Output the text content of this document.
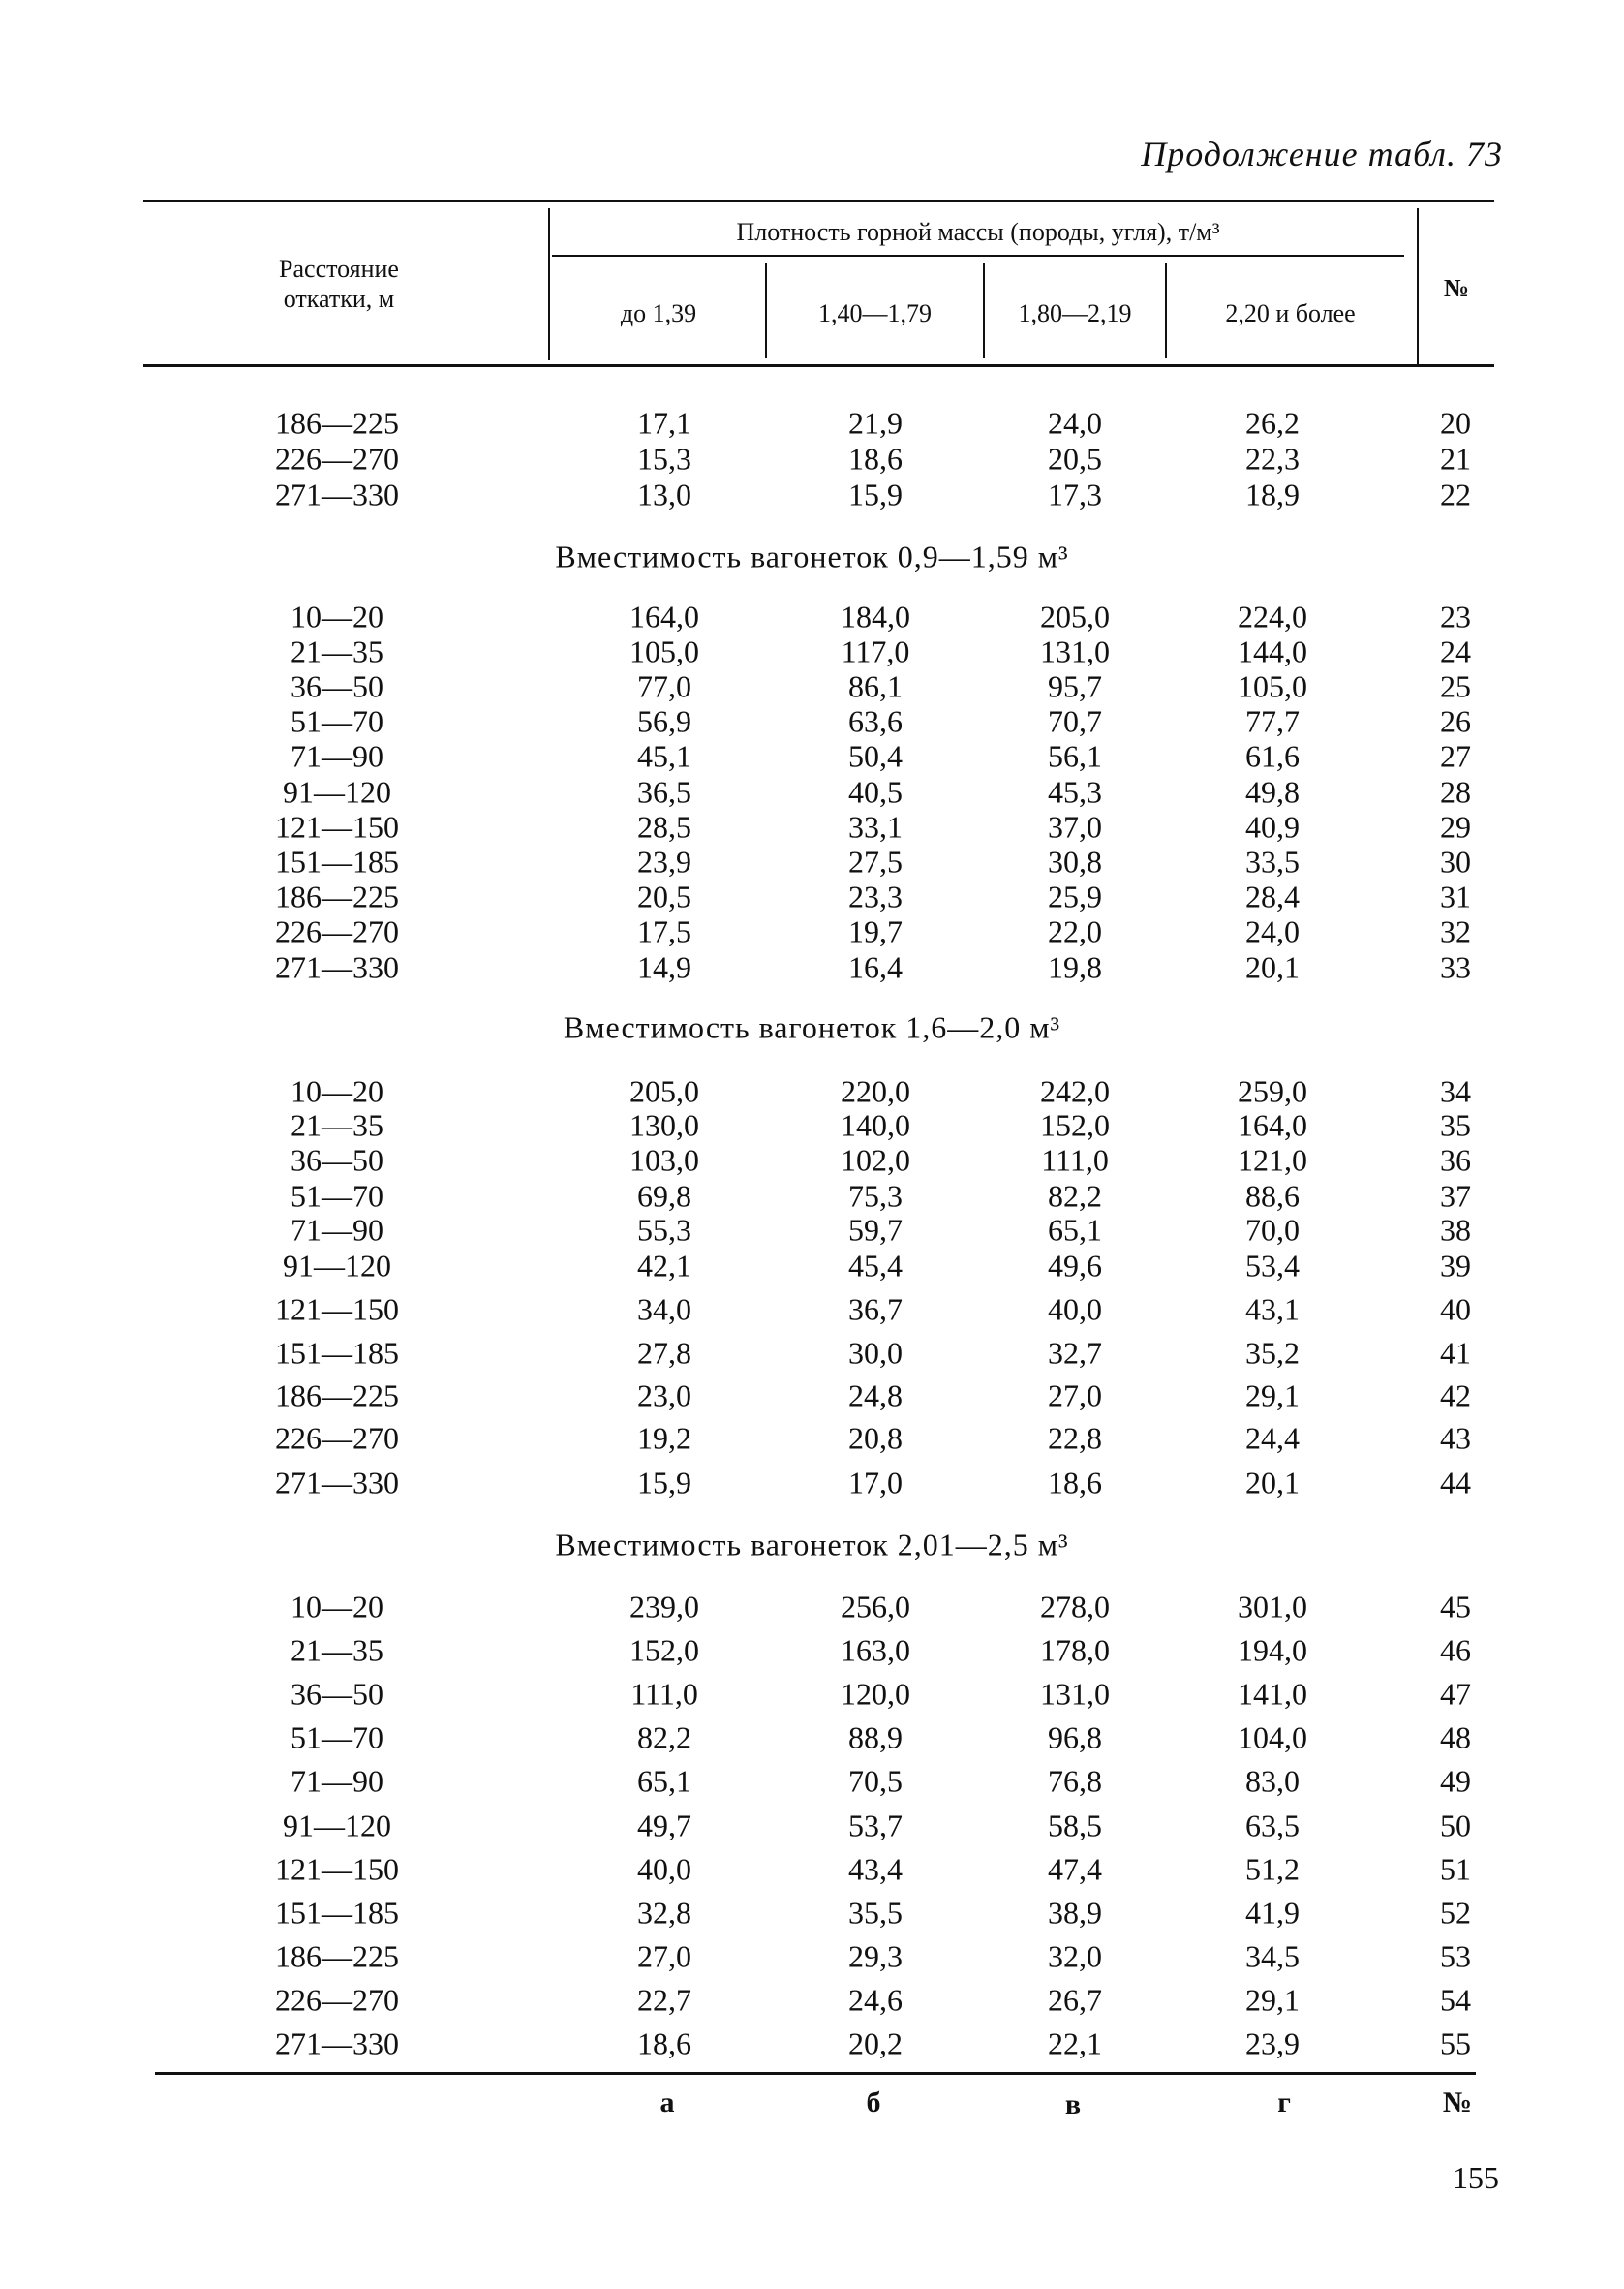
Продолжение табл. 73
Расстояние откатки, м
Плотность горной массы (породы, угля), т/м³
до 1,39	1,40—1,79	1,80—2,19	2,20 и более
№
186—225	17,1	21,9	24,0	26,2	20
226—270	15,3	18,6	20,5	22,3	21
271—330	13,0	15,9	17,3	18,9	22
Вместимость вагонеток 0,9—1,59 м³
10—20	164,0	184,0	205,0	224,0	23
21—35	105,0	117,0	131,0	144,0	24
36—50	77,0	86,1	95,7	105,0	25
51—70	56,9	63,6	70,7	77,7	26
71—90	45,1	50,4	56,1	61,6	27
91—120	36,5	40,5	45,3	49,8	28
121—150	28,5	33,1	37,0	40,9	29
151—185	23,9	27,5	30,8	33,5	30
186—225	20,5	23,3	25,9	28,4	31
226—270	17,5	19,7	22,0	24,0	32
271—330	14,9	16,4	19,8	20,1	33
Вместимость вагонеток 1,6—2,0 м³
10—20	205,0	220,0	242,0	259,0	34
21—35	130,0	140,0	152,0	164,0	35
36—50	103,0	102,0	111,0	121,0	36
51—70	69,8	75,3	82,2	88,6	37
71—90	55,3	59,7	65,1	70,0	38
91—120	42,1	45,4	49,6	53,4	39
121—150	34,0	36,7	40,0	43,1	40
151—185	27,8	30,0	32,7	35,2	41
186—225	23,0	24,8	27,0	29,1	42
226—270	19,2	20,8	22,8	24,4	43
271—330	15,9	17,0	18,6	20,1	44
Вместимость вагонеток 2,01—2,5 м³
10—20	239,0	256,0	278,0	301,0	45
21—35	152,0	163,0	178,0	194,0	46
36—50	111,0	120,0	131,0	141,0	47
51—70	82,2	88,9	96,8	104,0	48
71—90	65,1	70,5	76,8	83,0	49
91—120	49,7	53,7	58,5	63,5	50
121—150	40,0	43,4	47,4	51,2	51
151—185	32,8	35,5	38,9	41,9	52
186—225	27,0	29,3	32,0	34,5	53
226—270	22,7	24,6	26,7	29,1	54
271—330	18,6	20,2	22,1	23,9	55
а	б	в	г	№
155
